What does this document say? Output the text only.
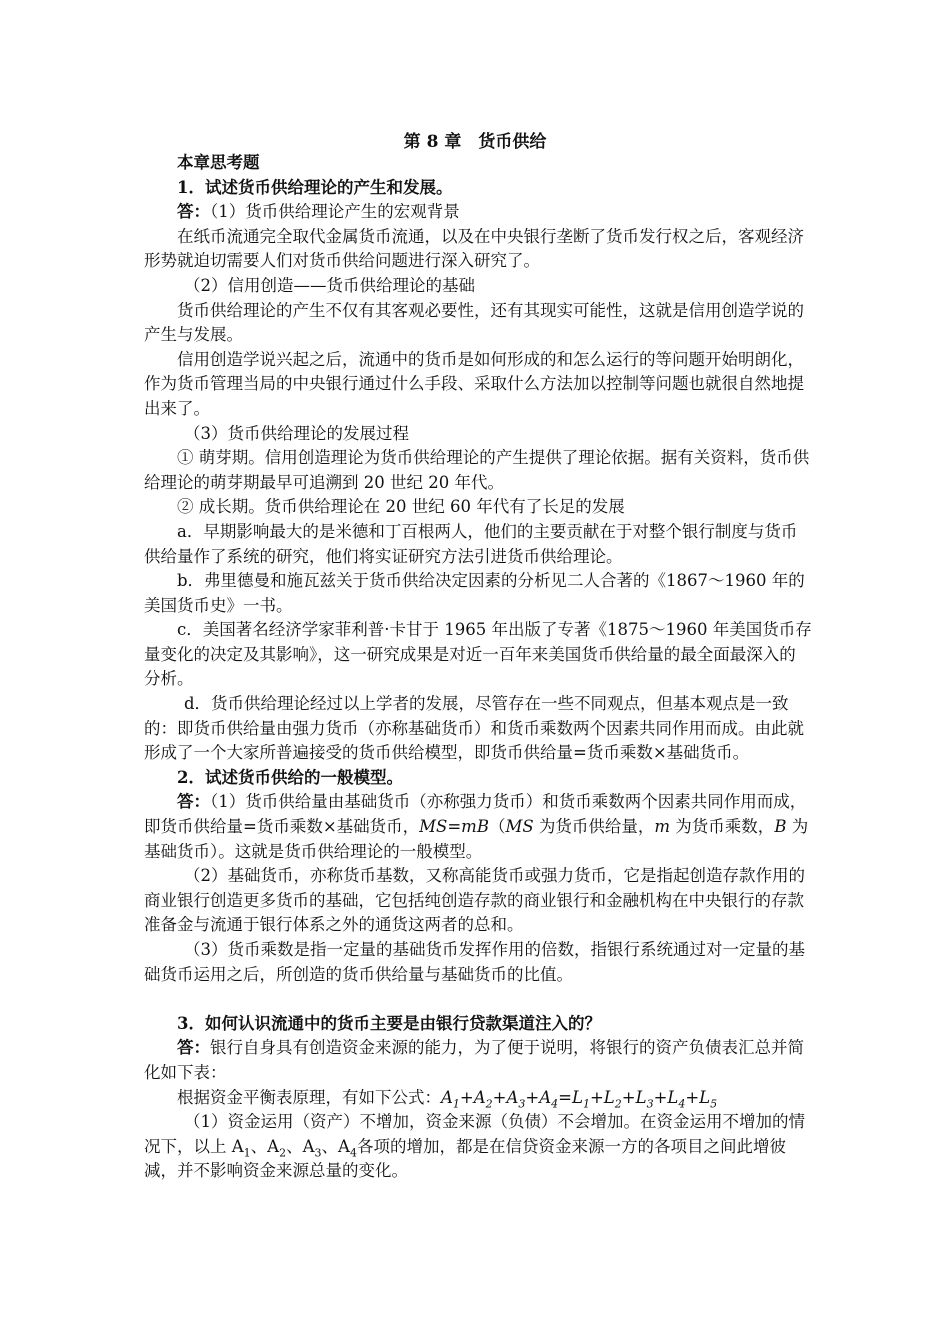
第 8 章　货币供给

本章思考题

1．试述货币供给理论的产生和发展。

答：（1）货币供给理论产生的宏观背景

在纸币流通完全取代金属货币流通，以及在中央银行垄断了货币发行权之后，客观经济形势就迫切需要人们对货币供给问题进行深入研究了。

（2）信用创造——货币供给理论的基础

货币供给理论的产生不仅有其客观必要性，还有其现实可能性，这就是信用创造学说的产生与发展。

信用创造学说兴起之后，流通中的货币是如何形成的和怎么运行的等问题开始明朗化，作为货币管理当局的中央银行通过什么手段、采取什么方法加以控制等问题也就很自然地提出来了。

（3）货币供给理论的发展过程

① 萌芽期。信用创造理论为货币供给理论的产生提供了理论依据。据有关资料，货币供给理论的萌芽期最早可追溯到 20 世纪 20 年代。

② 成长期。货币供给理论在 20 世纪 60 年代有了长足的发展

a．早期影响最大的是米德和丁百根两人，他们的主要贡献在于对整个银行制度与货币供给量作了系统的研究，他们将实证研究方法引进货币供给理论。

b．弗里德曼和施瓦兹关于货币供给决定因素的分析见二人合著的《1867～1960 年的美国货币史》一书。

c．美国著名经济学家菲利普·卡甘于 1965 年出版了专著《1875～1960 年美国货币存量变化的决定及其影响》，这一研究成果是对近一百年来美国货币供给量的最全面最深入的分析。

d．货币供给理论经过以上学者的发展，尽管存在一些不同观点，但基本观点是一致的：即货币供给量由强力货币（亦称基础货币）和货币乘数两个因素共同作用而成。由此就形成了一个大家所普遍接受的货币供给模型，即货币供给量=货币乘数×基础货币。

2．试述货币供给的一般模型。

答：（1）货币供给量由基础货币（亦称强力货币）和货币乘数两个因素共同作用而成，即货币供给量=货币乘数×基础货币，MS=mB（MS 为货币供给量，m 为货币乘数，B 为基础货币）。这就是货币供给理论的一般模型。

（2）基础货币，亦称货币基数，又称高能货币或强力货币，它是指起创造存款作用的商业银行创造更多货币的基础，它包括纯创造存款的商业银行和金融机构在中央银行的存款准备金与流通于银行体系之外的通货这两者的总和。

（3）货币乘数是指一定量的基础货币发挥作用的倍数，指银行系统通过对一定量的基础货币运用之后，所创造的货币供给量与基础货币的比值。

3．如何认识流通中的货币主要是由银行贷款渠道注入的？

答：银行自身具有创造资金来源的能力，为了便于说明，将银行的资产负债表汇总并简化如下表：

根据资金平衡表原理，有如下公式：$A_1+A_2+A_3+A_4=L_1+L_2+L_3+L_4+L_5$

（1）资金运用（资产）不增加，资金来源（负债）不会增加。在资金运用不增加的情况下，以上 $A_1$、$A_2$、$A_3$、$A_4$各项的增加，都是在信贷资金来源一方的各项目之间此增彼减，并不影响资金来源总量的变化。
